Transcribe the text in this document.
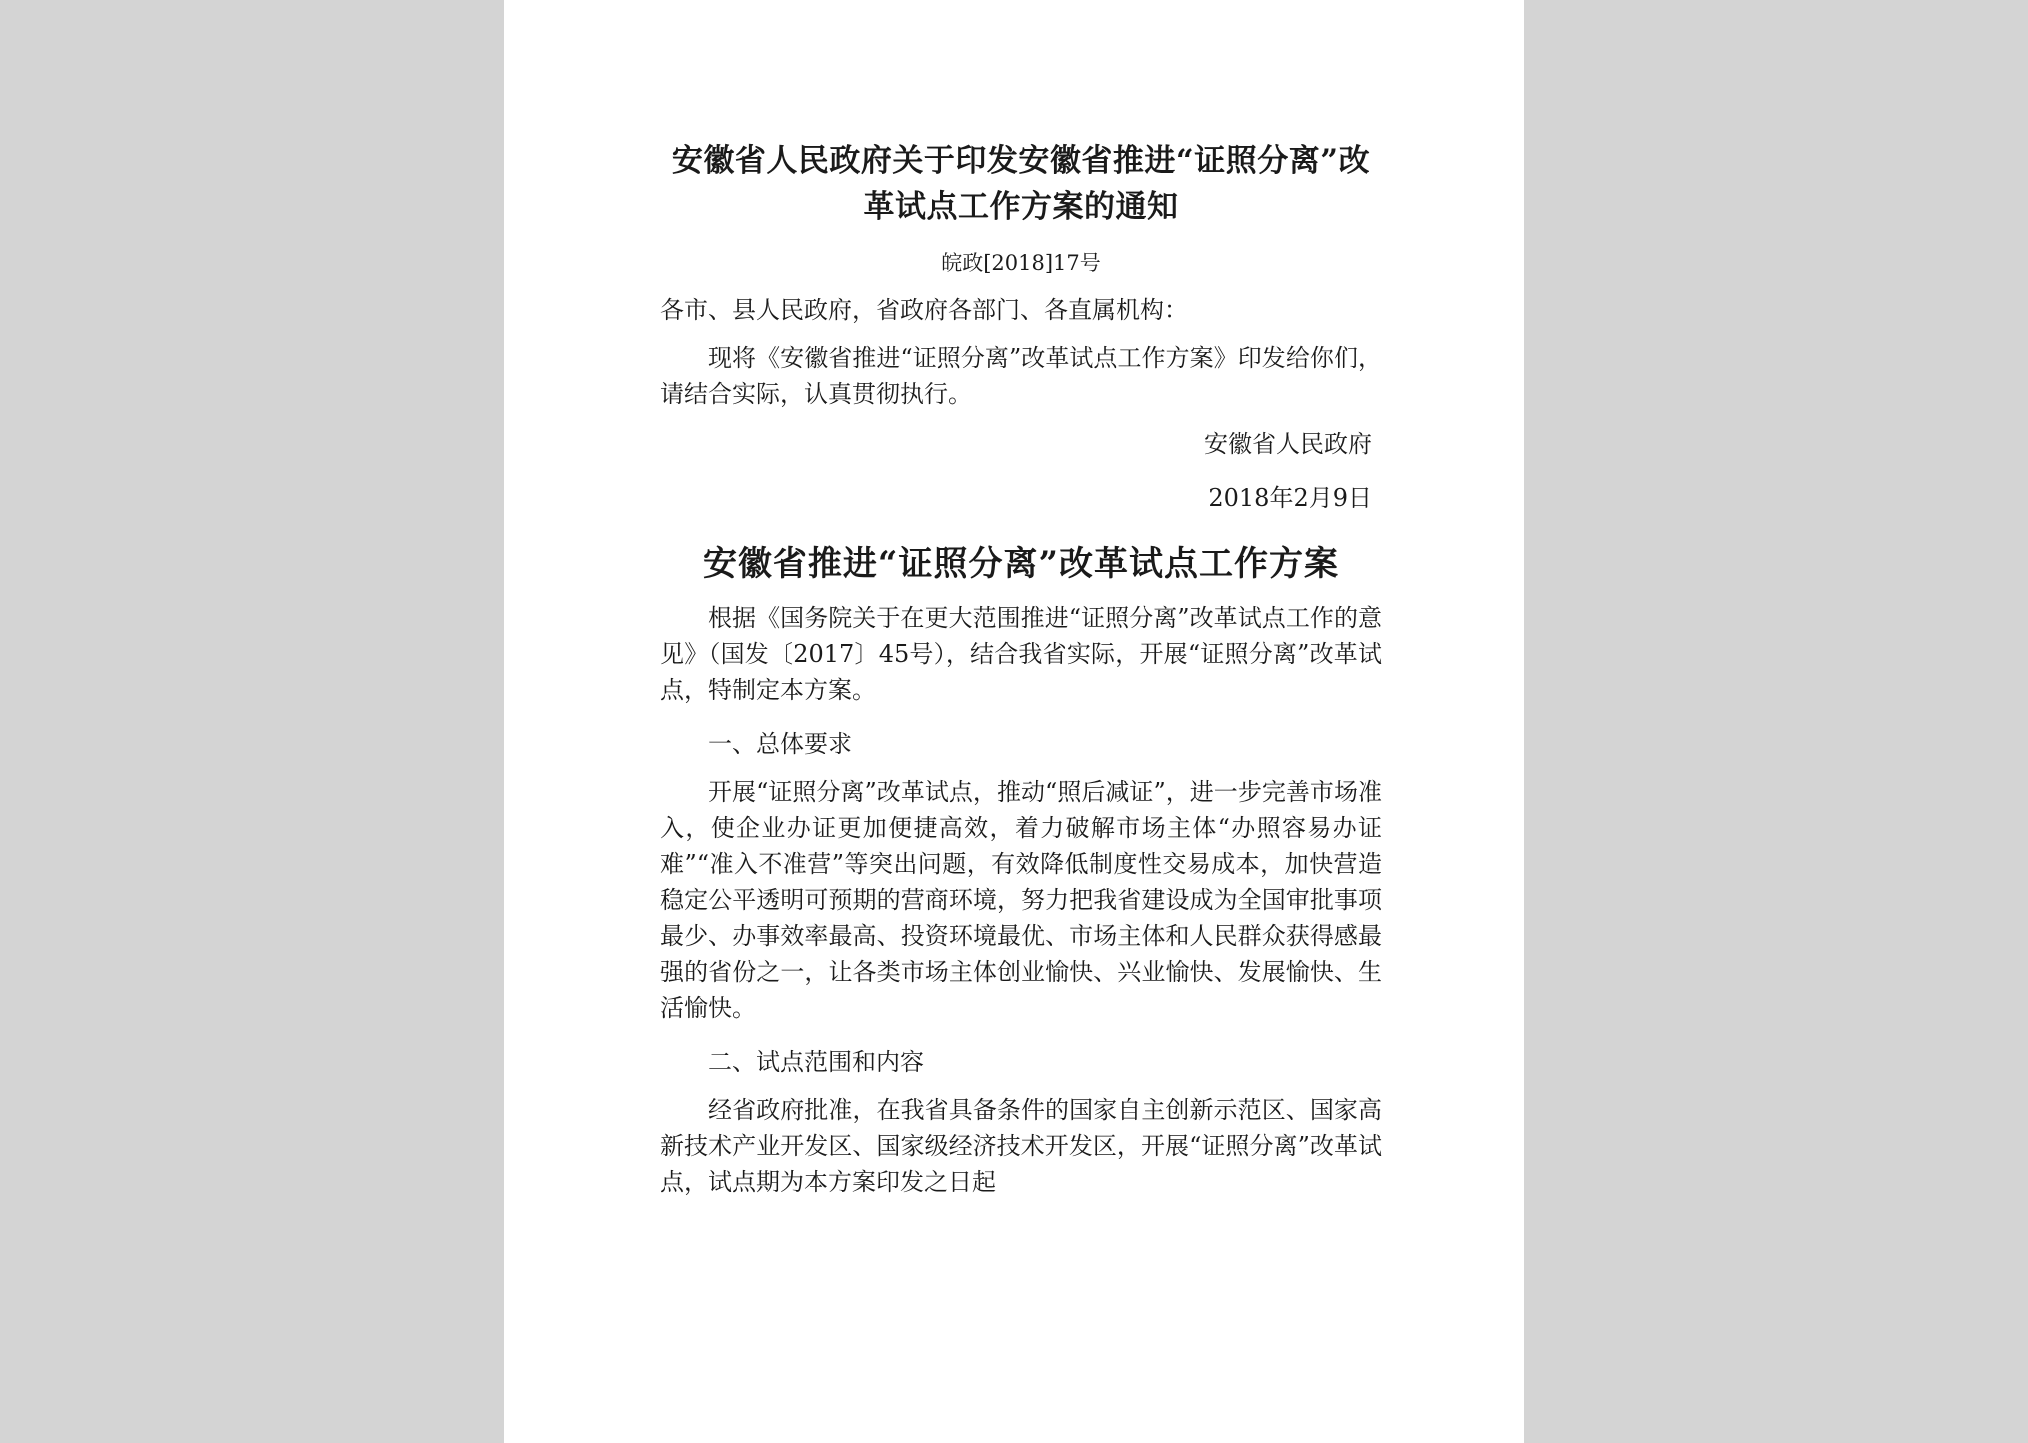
安徽省人民政府关于印发安徽省推进“证照分离”改革试点工作方案的通知
皖政[2018]17号

各市、县人民政府，省政府各部门、各直属机构：

现将《安徽省推进“证照分离”改革试点工作方案》印发给你们，请结合实际，认真贯彻执行。

安徽省人民政府
2018年2月9日
安徽省推进“证照分离”改革试点工作方案

根据《国务院关于在更大范围推进“证照分离”改革试点工作的意见》（国发〔2017〕45号），结合我省实际，开展“证照分离”改革试点，特制定本方案。

一、总体要求

开展“证照分离”改革试点，推动“照后减证”，进一步完善市场准入，使企业办证更加便捷高效，着力破解市场主体“办照容易办证难”“准入不准营”等突出问题，有效降低制度性交易成本，加快营造稳定公平透明可预期的营商环境，努力把我省建设成为全国审批事项最少、办事效率最高、投资环境最优、市场主体和人民群众获得感最强的省份之一，让各类市场主体创业愉快、兴业愉快、发展愉快、生活愉快。

二、试点范围和内容

经省政府批准，在我省具备条件的国家自主创新示范区、国家高新技术产业开发区、国家级经济技术开发区，开展“证照分离”改革试点，试点期为本方案印发之日起
